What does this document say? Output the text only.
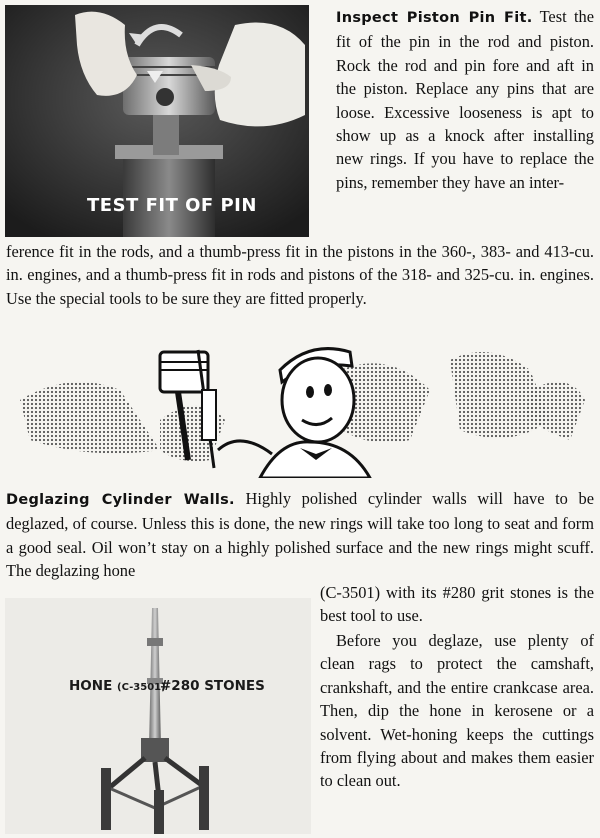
TEST FIT OF PIN

Inspect Piston Pin Fit. Test the fit of the pin in the rod and piston. Rock the rod and pin fore and aft in the piston. Replace any pins that are loose. Excessive looseness is apt to show up as a knock after installing new rings. If you have to replace the pins, remember they have an inter-

ference fit in the rods, and a thumb-press fit in the pistons in the 360-, 383- and 413-cu. in. engines, and a thumb-press fit in rods and pistons of the 318- and 325-cu. in. engines. Use the special tools to be sure they are fitted properly.

Deglazing Cylinder Walls. Highly polished cylinder walls will have to be deglazed, of course. Unless this is done, the new rings will take too long to seat and form a good seal. Oil won’t stay on a highly polished surface and the new rings might scuff. The deglazing hone

HONE (C-3501)
#280 STONES

(C-3501) with its #280 grit stones is the best tool to use.

Before you deglaze, use plenty of clean rags to protect the camshaft, crankshaft, and the entire crankcase area. Then, dip the hone in kerosene or a solvent. Wet-honing keeps the cuttings from flying about and makes them easier to clean out.
